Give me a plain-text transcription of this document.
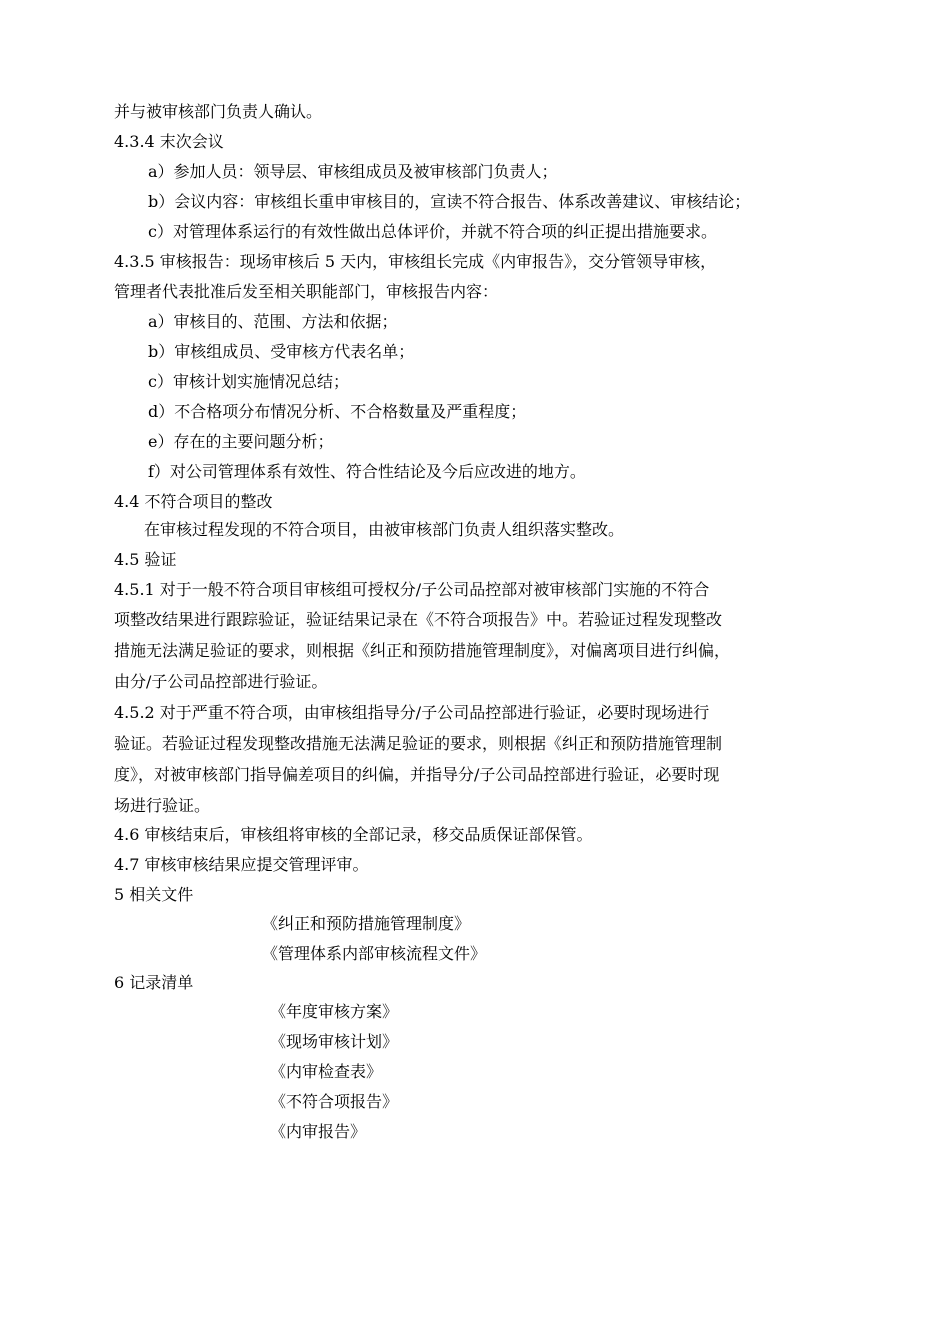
并与被审核部门负责人确认。
4.3.4 末次会议
a）参加人员：领导层、审核组成员及被审核部门负责人；
b）会议内容：审核组长重申审核目的，宣读不符合报告、体系改善建议、审核结论；
c）对管理体系运行的有效性做出总体评价，并就不符合项的纠正提出措施要求。
4.3.5 审核报告：现场审核后 5 天内，审核组长完成《内审报告》，交分管领导审核，
管理者代表批准后发至相关职能部门，审核报告内容：
a）审核目的、范围、方法和依据；
b）审核组成员、受审核方代表名单；
c）审核计划实施情况总结；
d）不合格项分布情况分析、不合格数量及严重程度；
e）存在的主要问题分析；
f）对公司管理体系有效性、符合性结论及今后应改进的地方。
4.4 不符合项目的整改
在审核过程发现的不符合项目，由被审核部门负责人组织落实整改。
4.5 验证
4.5.1 对于一般不符合项目审核组可授权分/子公司品控部对被审核部门实施的不符合
项整改结果进行跟踪验证，验证结果记录在《不符合项报告》中。若验证过程发现整改
措施无法满足验证的要求，则根据《纠正和预防措施管理制度》，对偏离项目进行纠偏，
由分/子公司品控部进行验证。
4.5.2 对于严重不符合项，由审核组指导分/子公司品控部进行验证，必要时现场进行
验证。若验证过程发现整改措施无法满足验证的要求，则根据《纠正和预防措施管理制
度》，对被审核部门指导偏差项目的纠偏，并指导分/子公司品控部进行验证，必要时现
场进行验证。
4.6 审核结束后，审核组将审核的全部记录，移交品质保证部保管。
4.7 审核审核结果应提交管理评审。
5 相关文件
《纠正和预防措施管理制度》
《管理体系内部审核流程文件》
6 记录清单
《年度审核方案》
《现场审核计划》
《内审检查表》
《不符合项报告》
《内审报告》
